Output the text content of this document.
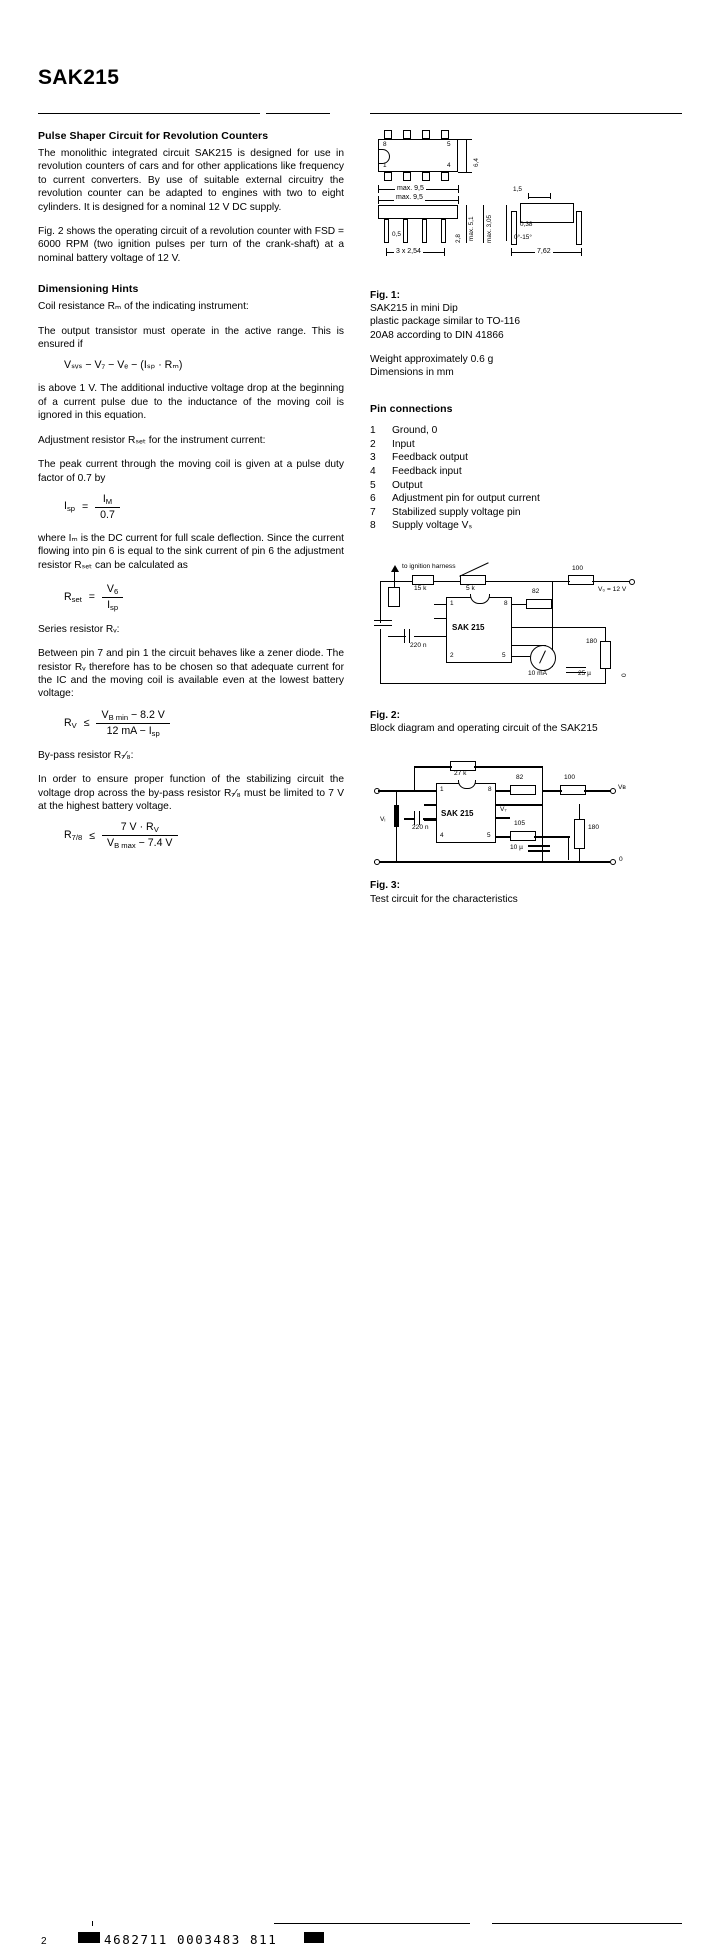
SAK215
Pulse Shaper Circuit for Revolution Counters

The monolithic integrated circuit SAK215 is designed for use in revolution counters of cars and for other applications like frequency to current converters. By use of suitable external circuitry the revolution counter can be adapted to engines with two to eight cylinders. It is designed for a nominal 12 V DC supply.

Fig. 2 shows the operating circuit of a revolution counter with FSD = 6000 RPM (two ignition pulses per turn of the crank-shaft) at a nominal battery voltage of 12 V.

Dimensioning Hints

Coil resistance Rₘ of the indicating instrument:

The output transistor must operate in the active range. This is ensured if

Vₛᵥₛ − V₇ − Vₑ − (Iₛₚ · Rₘ)

is above 1 V. The additional inductive voltage drop at the beginning of a current pulse due to the inductance of the moving coil is ignored in this equation.

Adjustment resistor Rₛₑₜ for the instrument current:

The peak current through the moving coil is given at a pulse duty factor of 0.7 by

$I_{sp} = \frac{I_M}{0.7}$

where Iₘ is the DC current for full scale deflection. Since the current flowing into pin 6 is equal to the sink current of pin 6 the adjustment resistor Rₛₑₜ can be calculated as

$R_{set} = \frac{V_6}{I_{sp}}$

Series resistor Rᵥ:

Between pin 7 and pin 1 the circuit behaves like a zener diode. The resistor Rᵥ therefore has to be chosen so that adequate current for the IC and the moving coil is available even at the lowest battery voltage:

$R_V \le \frac{V_{B min} - 8.2 V}{12 mA - I_{sp}}$

By-pass resistor R₇⁄₈:

In order to ensure proper function of the stabilizing circuit the voltage drop across the by-pass resistor R₇⁄₈ must be limited to 7 V at the highest battery voltage.

$R_{7/8} \le \frac{7 V \cdot R_V}{V_{B max} - 7.4 V}$
8
1
5
4	6,4
max. 9,5
max. 9,5
0,5
3 x 2,54
max. 5,1 max. 3,05
2,8
1,5
0,38
0°-15°
7,62
Fig. 1:
SAK215 in mini Dip
plastic package similar to TO-116
20A8 according to DIN 41866
Weight approximately 0.6 g
Dimensions in mm
Pin connections
1	Ground, 0
2	Input
3	Feedback output
4	Feedback input
5	Output
6	Adjustment pin for output current
7	Stabilized supply voltage pin
8	Supply voltage Vₛ
to ignition harness
15 k	5 k
100
V₀ = 12 V
220 n
SAK 215
1	8
2	5
82
10 mA	25 µ
180
0
Fig. 2:
Block diagram and operating circuit of the SAK215
27 k
SAK 215
1	8
4	5
82	100
Vʙ
V₇
105
10 µ
180
0
Vᵢ
220 n
Fig. 3:
Test circuit for the characteristics
2	4682711 0003483 811
